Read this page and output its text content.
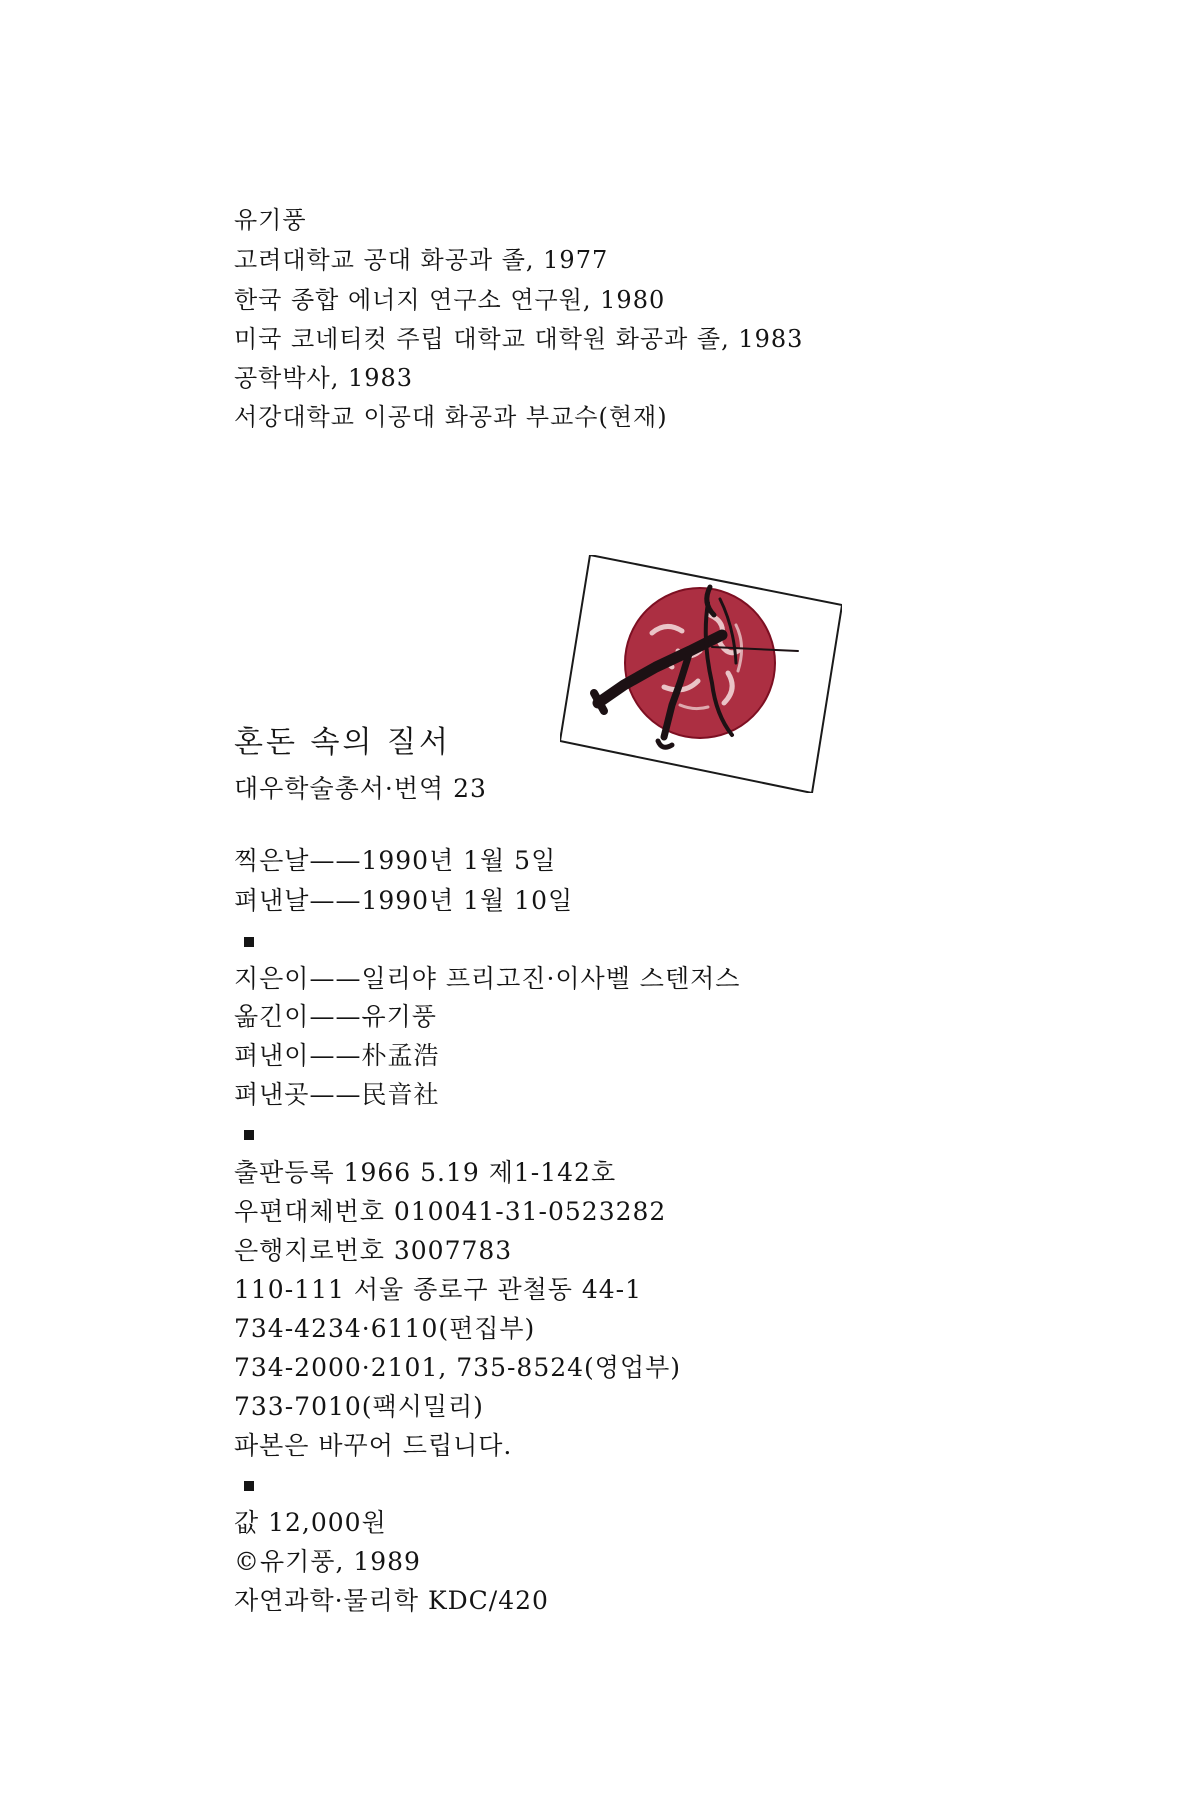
유기풍
고려대학교 공대 화공과 졸, 1977
한국 종합 에너지 연구소 연구원, 1980
미국 코네티컷 주립 대학교 대학원 화공과 졸, 1983
공학박사, 1983
서강대학교 이공대 화공과 부교수(현재)
혼돈 속의 질서
대우학술총서·번역 23
찍은날——1990년 1월 5일
펴낸날——1990년 1월 10일
지은이——일리야 프리고진·이사벨 스텐저스
옮긴이——유기풍
펴낸이——朴孟浩
펴낸곳——民音社
출판등록 1966 5.19 제1-142호
우편대체번호 010041-31-0523282
은행지로번호 3007783
110-111 서울 종로구 관철동 44-1
734-4234·6110(편집부)
734-2000·2101, 735-8524(영업부)
733-7010(팩시밀리)
파본은 바꾸어 드립니다.
값 12,000원
©유기풍, 1989
자연과학·물리학 KDC/420
